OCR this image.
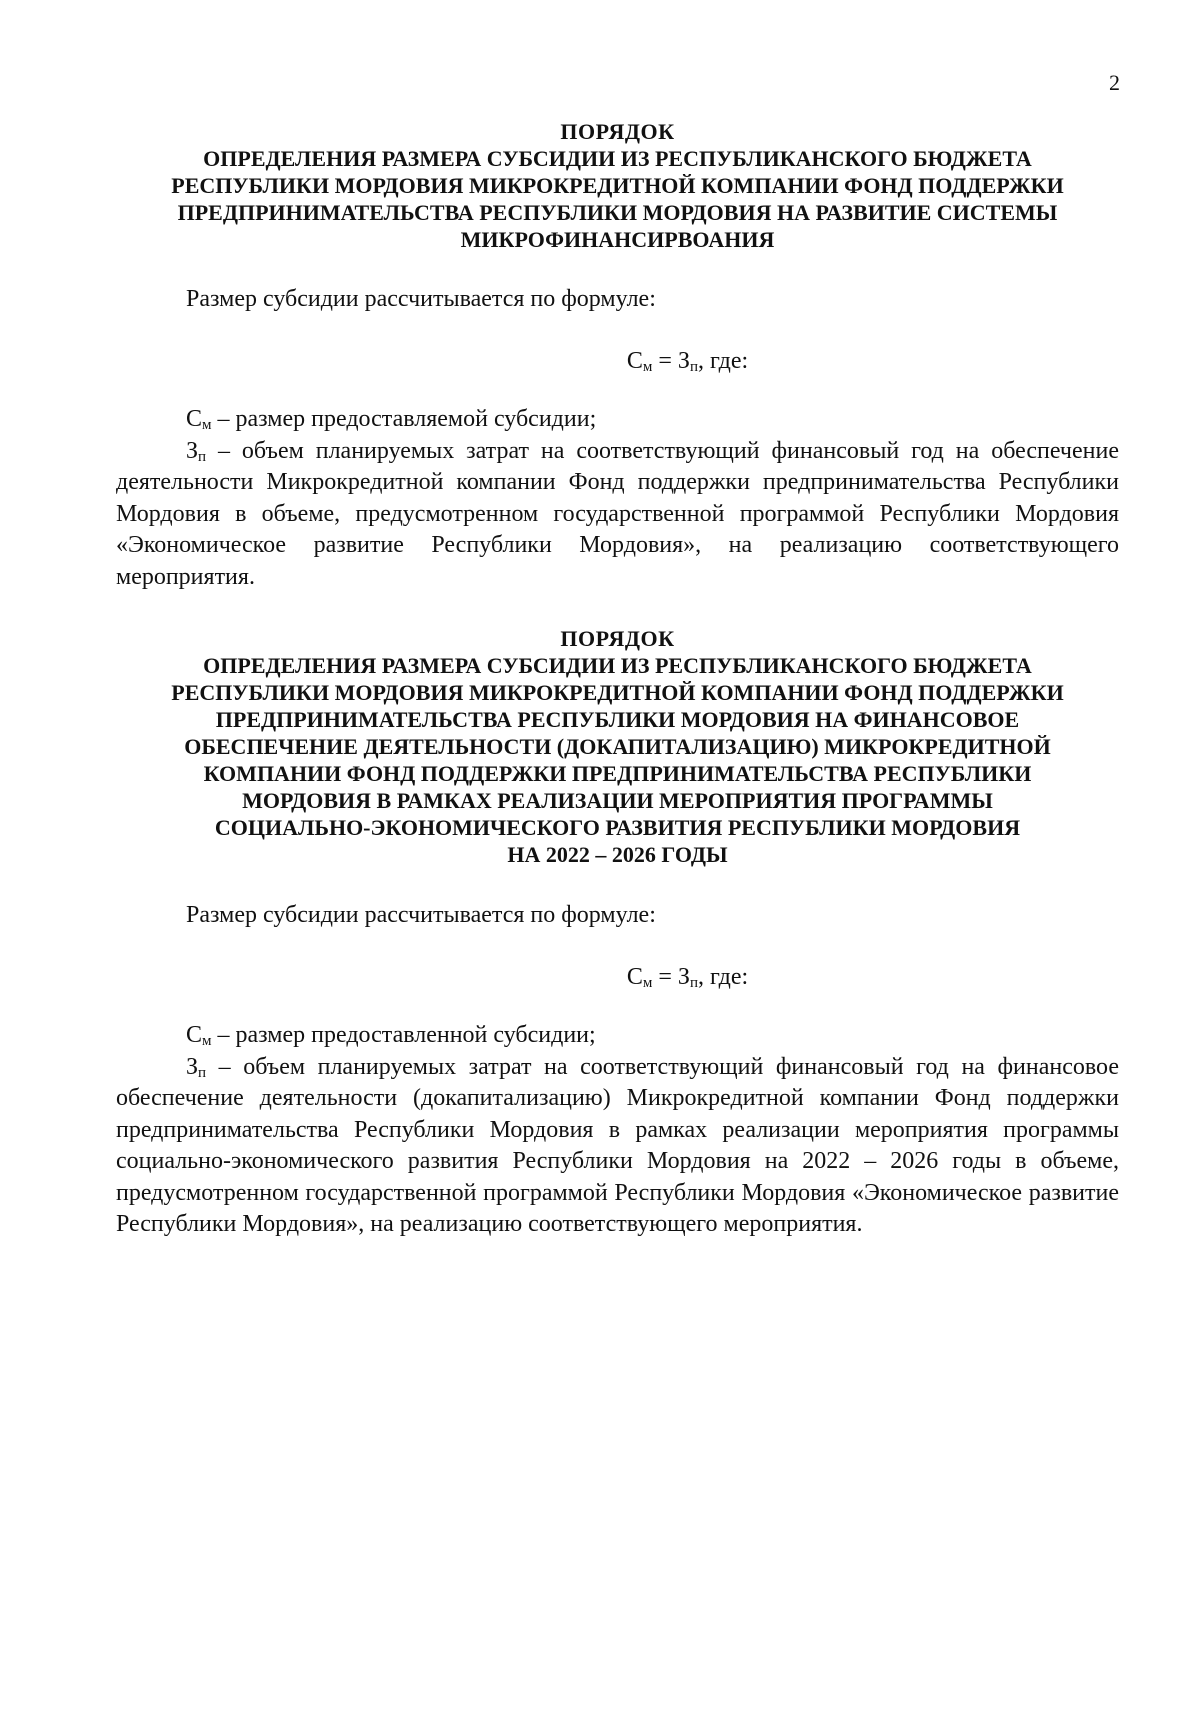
2
ПОРЯДОК
ОПРЕДЕЛЕНИЯ РАЗМЕРА СУБСИДИИ ИЗ РЕСПУБЛИКАНСКОГО БЮДЖЕТА
РЕСПУБЛИКИ МОРДОВИЯ МИКРОКРЕДИТНОЙ КОМПАНИИ ФОНД ПОДДЕРЖКИ
ПРЕДПРИНИМАТЕЛЬСТВА РЕСПУБЛИКИ МОРДОВИЯ НА РАЗВИТИЕ СИСТЕМЫ
МИКРОФИНАНСИРВОАНИЯ

Размер субсидии рассчитывается по формуле:

$С_м = З_п$, где:

$С_м$ – размер предоставляемой субсидии;

$З_п$ – объем планируемых затрат на соответствующий финансовый год на обеспечение деятельности Микрокредитной компании Фонд поддержки предпринимательства Республики Мордовия в объеме, предусмотренном государственной программой Республики Мордовия «Экономическое развитие Республики Мордовия», на реализацию соответствующего мероприятия.

ПОРЯДОК
ОПРЕДЕЛЕНИЯ РАЗМЕРА СУБСИДИИ ИЗ РЕСПУБЛИКАНСКОГО БЮДЖЕТА
РЕСПУБЛИКИ МОРДОВИЯ МИКРОКРЕДИТНОЙ КОМПАНИИ ФОНД ПОДДЕРЖКИ
ПРЕДПРИНИМАТЕЛЬСТВА РЕСПУБЛИКИ МОРДОВИЯ НА ФИНАНСОВОЕ
ОБЕСПЕЧЕНИЕ ДЕЯТЕЛЬНОСТИ (ДОКАПИТАЛИЗАЦИЮ) МИКРОКРЕДИТНОЙ
КОМПАНИИ ФОНД ПОДДЕРЖКИ ПРЕДПРИНИМАТЕЛЬСТВА РЕСПУБЛИКИ
МОРДОВИЯ В РАМКАХ РЕАЛИЗАЦИИ МЕРОПРИЯТИЯ ПРОГРАММЫ
СОЦИАЛЬНО-ЭКОНОМИЧЕСКОГО РАЗВИТИЯ РЕСПУБЛИКИ МОРДОВИЯ
НА 2022 – 2026 ГОДЫ

Размер субсидии рассчитывается по формуле:

$С_м = З_п$, где:

$С_м$ – размер предоставленной субсидии;

$З_п$ – объем планируемых затрат на соответствующий финансовый год на финансовое обеспечение деятельности (докапитализацию) Микрокредитной компании Фонд поддержки предпринимательства Республики Мордовия в рамках реализации мероприятия программы социально-экономического развития Республики Мордовия на 2022 – 2026 годы в объеме, предусмотренном государственной программой Республики Мордовия «Экономическое развитие Республики Мордовия», на реализацию соответствующего мероприятия.
